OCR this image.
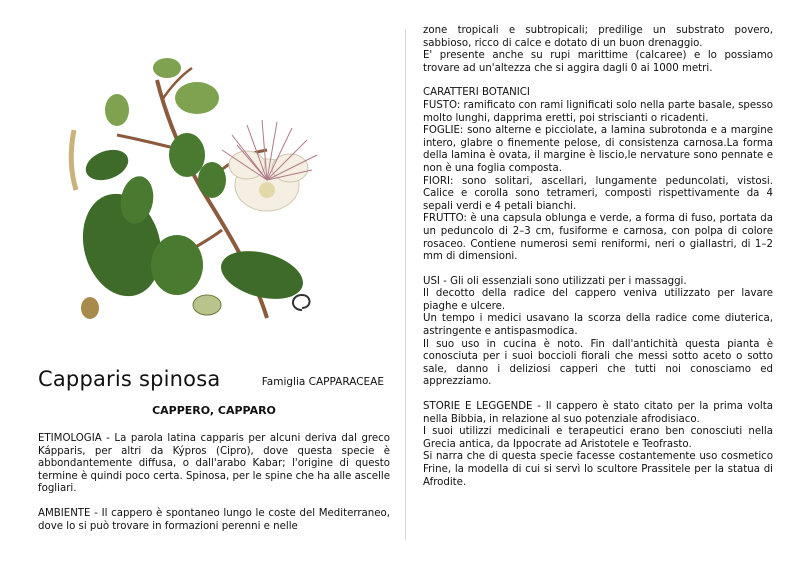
Capparis spinosa	Famiglia CAPPARACEAE
CAPPERO, CAPPARO

ETIMOLOGIA - La parola latina capparis per alcuni deriva dal greco Kápparis, per altri da Kýpros (Cipro), dove questa specie è abbondantemente diffusa, o dall'arabo Kabar; l'origine di questo termine è quindi poco certa. Spinosa, per le spine che ha alle ascelle fogliari.

AMBIENTE - Il cappero è spontaneo lungo le coste del Mediterraneo, dove lo si può trovare in formazioni perenni e nelle

zone tropicali e subtropicali; predilige un substrato povero, sabbioso, ricco di calce e dotato di un buon drenaggio.

E' presente anche su rupi marittime (calcaree) e lo possiamo trovare ad un'altezza che si aggira dagli 0 ai 1000 metri.

CARATTERI BOTANICI

FUSTO: ramificato con rami lignificati solo nella parte basale, spesso molto lunghi, dapprima eretti, poi striscianti o ricadenti.

FOGLIE: sono alterne e picciolate, a lamina subrotonda e a margine intero, glabre o finemente pelose, di consistenza carnosa.La forma della lamina è ovata, il margine è liscio,le nervature sono pennate e non è una foglia composta.

FIORI: sono solitari, ascellari, lungamente peduncolati, vistosi. Calice e corolla sono tetrameri, composti rispettivamente da 4 sepali verdi e 4 petali bianchi.

FRUTTO: è una capsula oblunga e verde, a forma di fuso, portata da un peduncolo di 2–3 cm, fusiforme e carnosa, con polpa di colore rosaceo. Contiene numerosi semi reniformi, neri o giallastri, di 1–2 mm di dimensioni.

USI - Gli oli essenziali sono utilizzati per i massaggi.

Il decotto della radice del cappero veniva utilizzato per lavare piaghe e ulcere.

Un tempo i medici usavano la scorza della radice come diuterica, astringente e antispasmodica.

Il suo uso in cucina è noto. Fin dall'antichità questa pianta è conosciuta per i suoi boccioli fiorali che messi sotto aceto o sotto sale, danno i deliziosi capperi che tutti noi conosciamo ed apprezziamo.

STORIE E LEGGENDE - Il cappero è stato citato per la prima volta nella Bibbia, in relazione al suo potenziale afrodisiaco.

I suoi utilizzi medicinali e terapeutici erano ben conosciuti nella Grecia antica, da Ippocrate ad Aristotele e Teofrasto.

Si narra che di questa specie facesse costantemente uso cosmetico Frine, la modella di cui si servì lo scultore Prassitele per la statua di Afrodite.
